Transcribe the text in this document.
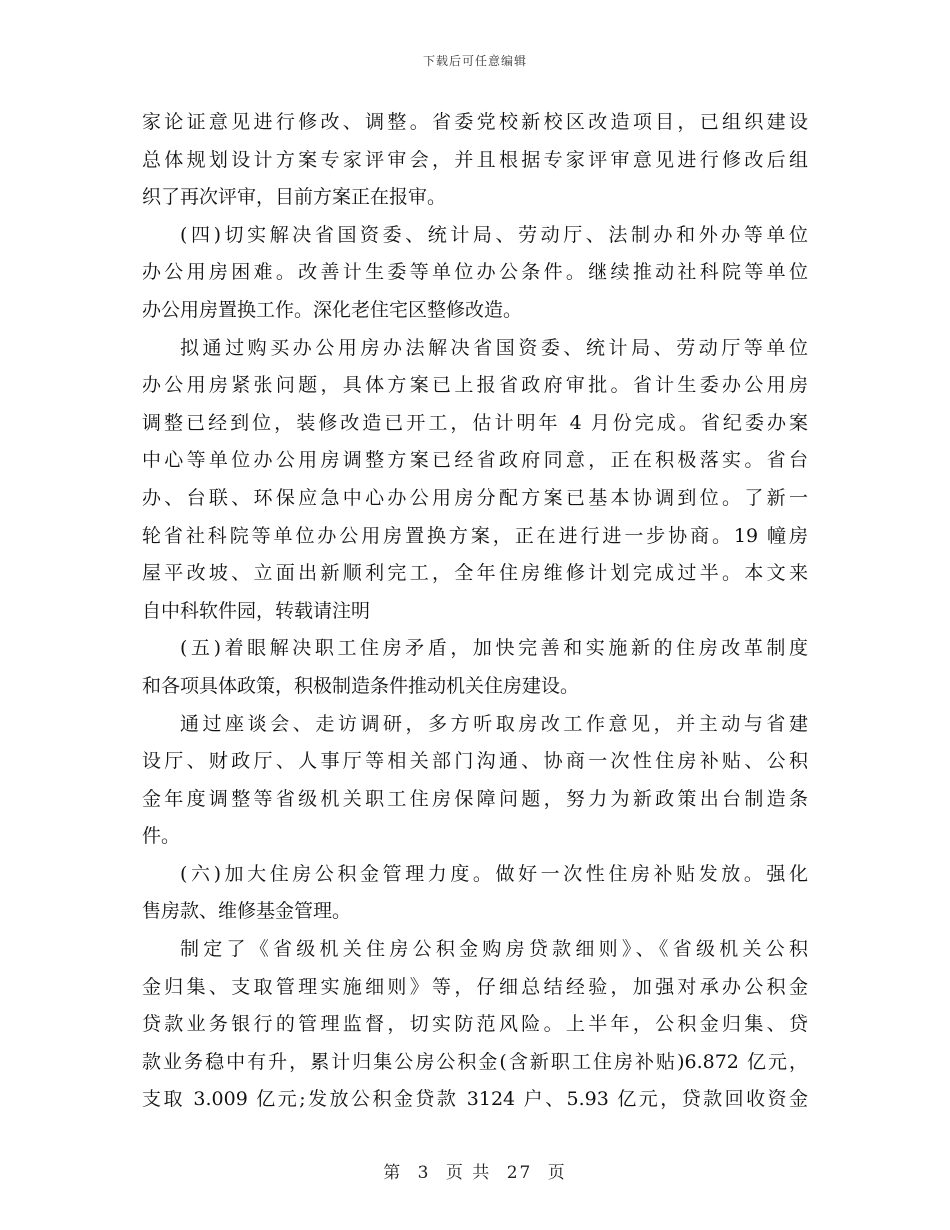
下载后可任意编辑
家论证意见进行修改、调整。省委党校新校区改造项目，已组织建设
总体规划设计方案专家评审会，并且根据专家评审意见进行修改后组
织了再次评审，目前方案正在报审。
(四)切实解决省国资委、统计局、劳动厅、法制办和外办等单位
办公用房困难。改善计生委等单位办公条件。继续推动社科院等单位
办公用房置换工作。深化老住宅区整修改造。
拟通过购买办公用房办法解决省国资委、统计局、劳动厅等单位
办公用房紧张问题，具体方案已上报省政府审批。省计生委办公用房
调整已经到位，装修改造已开工，估计明年 4 月份完成。省纪委办案
中心等单位办公用房调整方案已经省政府同意，正在积极落实。省台
办、台联、环保应急中心办公用房分配方案已基本协调到位。了新一
轮省社科院等单位办公用房置换方案，正在进行进一步协商。19 幢房
屋平改坡、立面出新顺利完工，全年住房维修计划完成过半。本文来
自中科软件园，转载请注明
(五)着眼解决职工住房矛盾，加快完善和实施新的住房改革制度
和各项具体政策，积极制造条件推动机关住房建设。
通过座谈会、走访调研，多方听取房改工作意见，并主动与省建
设厅、财政厅、人事厅等相关部门沟通、协商一次性住房补贴、公积
金年度调整等省级机关职工住房保障问题，努力为新政策出台制造条
件。
(六)加大住房公积金管理力度。做好一次性住房补贴发放。强化
售房款、维修基金管理。
制定了《省级机关住房公积金购房贷款细则》、《省级机关公积
金归集、支取管理实施细则》等，仔细总结经验，加强对承办公积金
贷款业务银行的管理监督，切实防范风险。上半年，公积金归集、贷
款业务稳中有升，累计归集公房公积金(含新职工住房补贴)6.872 亿元，
支取 3.009 亿元;发放公积金贷款 3124 户、5.93 亿元，贷款回收资金
第 3 页 共 27 页
